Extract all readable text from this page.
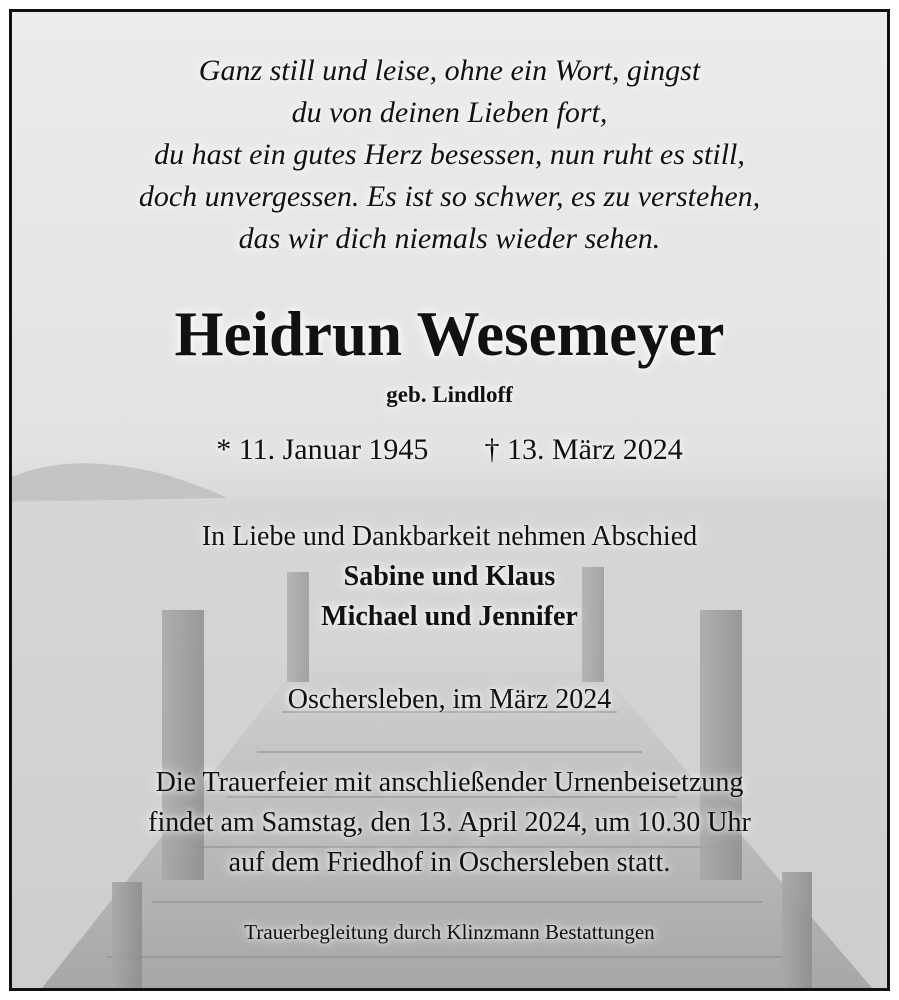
Ganz still und leise, ohne ein Wort, gingst
du von deinen Lieben fort,
du hast ein gutes Herz besessen, nun ruht es still,
doch unvergessen. Es ist so schwer, es zu verstehen,
das wir dich niemals wieder sehen.
Heidrun Wesemeyer
geb. Lindloff
* 11. Januar 1945 † 13. März 2024
In Liebe und Dankbarkeit nehmen Abschied
Sabine und Klaus
Michael und Jennifer
Oschersleben, im März 2024
Die Trauerfeier mit anschließender Urnenbeisetzung
findet am Samstag, den 13. April 2024, um 10.30 Uhr
auf dem Friedhof in Oschersleben statt.
Trauerbegleitung durch Klinzmann Bestattungen
